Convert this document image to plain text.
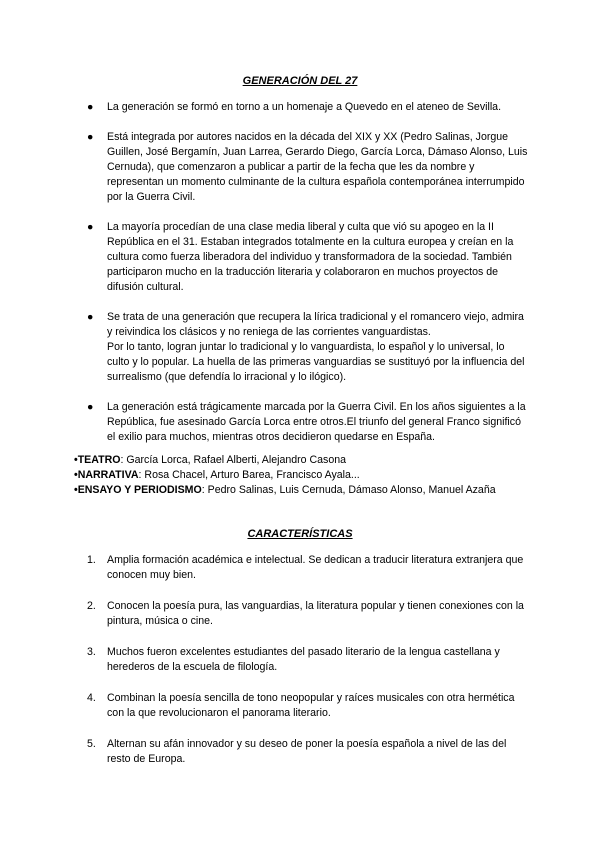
GENERACIÓN DEL 27
●	La generación se formó en torno a un homenaje a Quevedo en el ateneo de Sevilla.

●	Está integrada por autores nacidos en la década del XIX y XX (Pedro Salinas, Jorgue Guillen, José Bergamín, Juan Larrea, Gerardo Diego, García Lorca, Dámaso Alonso, Luis Cernuda), que comenzaron a publicar a partir de la fecha que les da nombre y representan un momento culminante de la cultura española contemporánea interrumpido por la Guerra Civil.

●	La mayoría procedían de una clase media liberal y culta que vió su apogeo en la II República en el 31. Estaban integrados totalmente en la cultura europea y creían en la cultura como fuerza liberadora del individuo y transformadora de la sociedad. También participaron mucho en la traducción literaria y colaboraron en muchos proyectos de difusión cultural.

●	Se trata de una generación que recupera la lírica tradicional y el romancero viejo, admira y reivindica los clásicos y no reniega de las corrientes vanguardistas.

Por lo tanto, logran juntar lo tradicional y lo vanguardista, lo español y lo universal, lo culto y lo popular. La huella de las primeras vanguardias se sustituyó por la influencia del surrealismo (que defendía lo irracional y lo ilógico).

●	La generación está trágicamente marcada por la Guerra Civil. En los años siguientes a la República, fue asesinado García Lorca entre otros.El triunfo del general Franco significó el exilio para muchos, mientras otros decidieron quedarse en España.

•TEATRO: García Lorca, Rafael Alberti, Alejandro Casona
•NARRATIVA: Rosa Chacel, Arturo Barea, Francisco Ayala...
•ENSAYO Y PERIODISMO: Pedro Salinas, Luis Cernuda, Dámaso Alonso, Manuel Azaña
CARACTERÍSTICAS
1. Amplia formación académica e intelectual. Se dedican a traducir literatura extranjera que conocen muy bien.
2. Conocen la poesía pura, las vanguardias, la literatura popular y tienen conexiones con la pintura, música o cine.
3. Muchos fueron excelentes estudiantes del pasado literario de la lengua castellana y herederos de la escuela de filología.
4. Combinan la poesía sencilla de tono neopopular y raíces musicales con otra hermética con la que revolucionaron el panorama literario.
5. Alternan su afán innovador y su deseo de poner la poesía española a nivel de las del resto de Europa.
